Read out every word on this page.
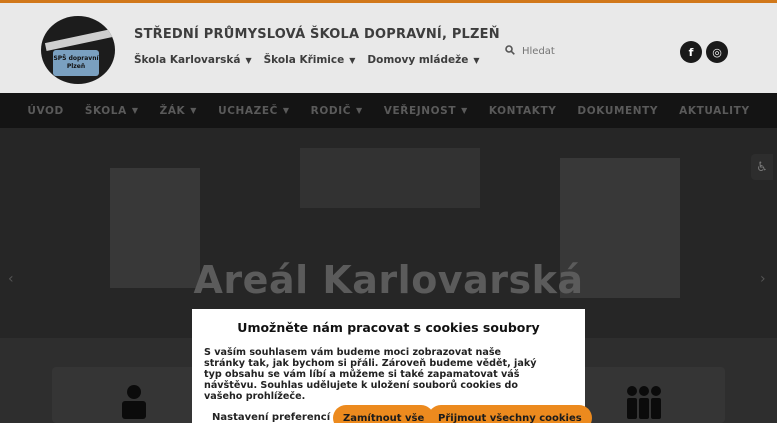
SPŠ dopravní Plzeň
STŘEDNÍ PRŮMYSLOVÁ ŠKOLA DOPRAVNÍ, PLZEŇ
Škola Karlovarská ▼ Škola Křimice ▼ Domovy mládeže ▼
Hledat
f	◎
ÚVOD ŠKOLA ▼ ŽÁK ▼ UCHAZEČ ▼ RODIČ ▼ VEŘEJNOST ▼ KONTAKTY DOKUMENTY AKTUALITY
Areál Karlovarská
‹	›
♿
Umožněte nám pracovat s cookies soubory
S vaším souhlasem vám budeme moci zobrazovat naše stránky tak, jak bychom si přáli. Zároveň budeme vědět, jaký typ obsahu se vám líbí a můžeme si také zapamatovat váš návštěvu. Souhlas udělujete k uložení souborů cookies do vašeho prohlížeče.
Nastavení preferencí	Zamítnout vše	Přijmout všechny cookies
